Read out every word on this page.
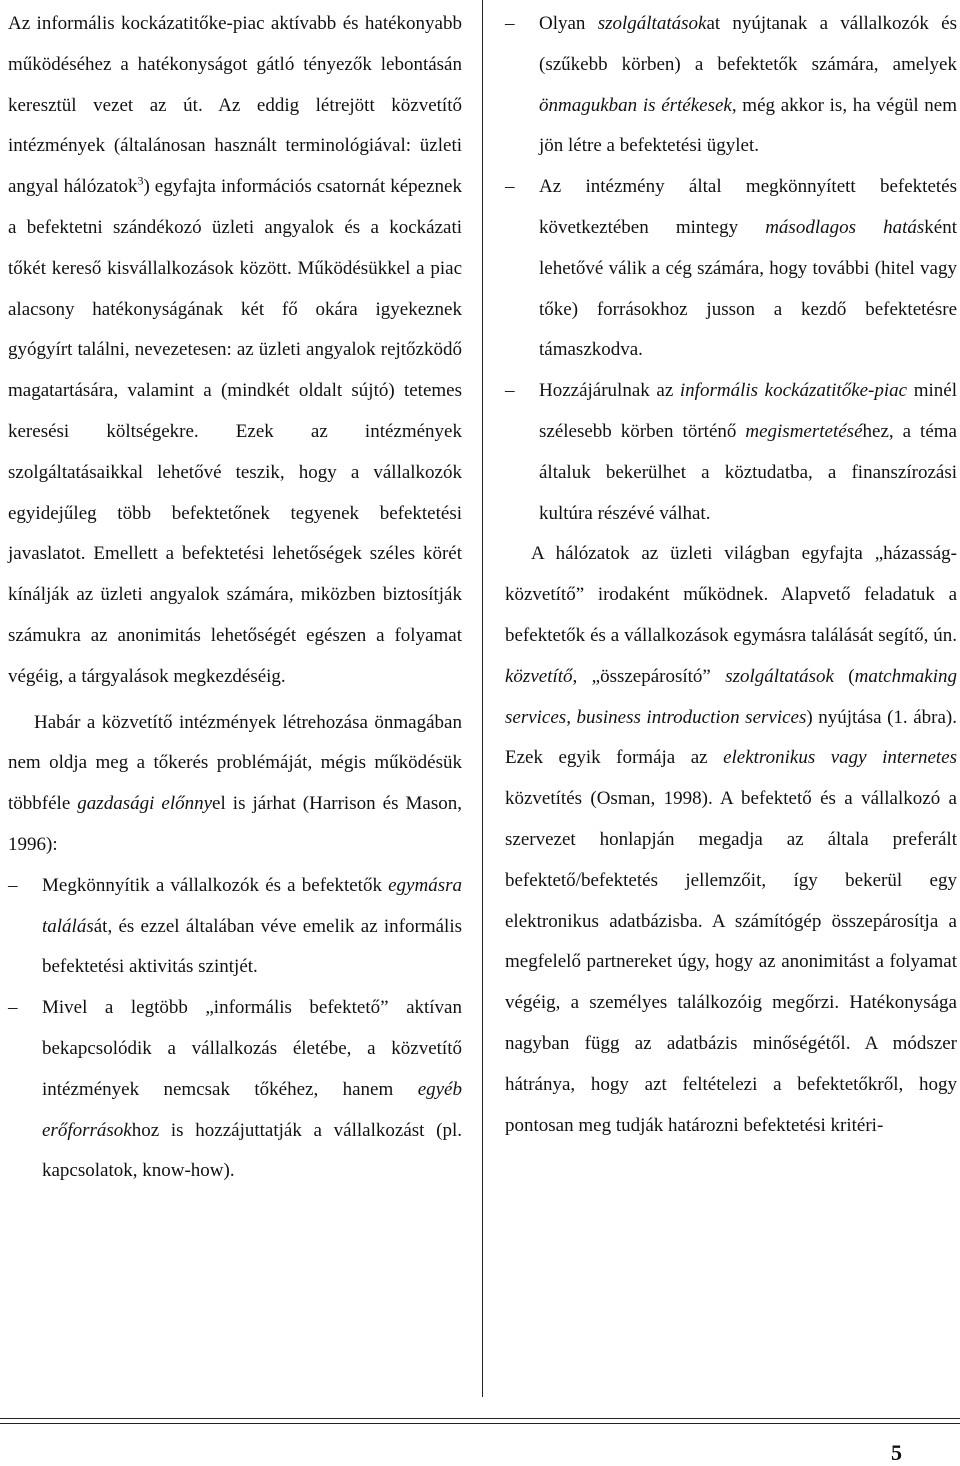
Az informális kockázatitőke-piac aktívabb és hatékonyabb működéséhez a hatékonyságot gátló tényezők lebontásán keresztül vezet az út. Az eddig létrejött közvetítő intézmények (általánosan használt terminológiával: üzleti angyal hálózatok$^3$) egyfajta információs csatornát képeznek a befektetni szándékozó üzleti angyalok és a kockázati tőkét kereső kisvállalkozások között. Működésükkel a piac alacsony hatékonyságának két fő okára igyekeznek gyógyírt találni, nevezetesen: az üzleti angyalok rejtőzködő magatartására, valamint a (mindkét oldalt sújtó) tetemes keresési költségekre. Ezek az intézmények szolgáltatásaikkal lehetővé teszik, hogy a vállalkozók egyidejűleg több befektetőnek tegyenek befektetési javaslatot. Emellett a befektetési lehetőségek széles körét kínálják az üzleti angyalok számára, miközben biztosítják számukra az anonimitás lehetőségét egészen a folyamat végéig, a tárgyalások megkezdéséig.

Habár a közvetítő intézmények létrehozása önmagában nem oldja meg a tőkerés problémáját, mégis működésük többféle gazdasági előnnyel is járhat (Harrison és Mason, 1996):

– Megkönnyítik a vállalkozók és a befektetők egymásra találását, és ezzel általában véve emelik az informális befektetési aktivitás szintjét.

– Mivel a legtöbb „informális befektető” aktívan bekapcsolódik a vállalkozás életébe, a közvetítő intézmények nemcsak tőkéhez, hanem egyéb erőforrásokhoz is hozzájuttatják a vállalkozást (pl. kapcsolatok, know-how).

– Olyan szolgáltatásokat nyújtanak a vállalkozók és (szűkebb körben) a befektetők számára, amelyek önmagukban is értékesek, még akkor is, ha végül nem jön létre a befektetési ügylet.

– Az intézmény által megkönnyített befektetés következtében mintegy másodlagos hatásként lehetővé válik a cég számára, hogy további (hitel vagy tőke) forrásokhoz jusson a kezdő befektetésre támaszkodva.

– Hozzájárulnak az informális kockázatitőke-piac minél szélesebb körben történő megismertetéséhez, a téma általuk bekerülhet a köztudatba, a finanszírozási kultúra részévé válhat.

A hálózatok az üzleti világban egyfajta „házasság-közvetítő” irodaként működnek. Alapvető feladatuk a befektetők és a vállalkozások egymásra találását segítő, ún. közvetítő, „összepárosító” szolgáltatások (matchmaking services, business introduction services) nyújtása (1. ábra). Ezek egyik formája az elektronikus vagy internetes közvetítés (Osman, 1998). A befektető és a vállalkozó a szervezet honlapján megadja az általa preferált befektető/befektetés jellemzőit, így bekerül egy elektronikus adatbázisba. A számítógép összepárosítja a megfelelő partnereket úgy, hogy az anonimitást a folyamat végéig, a személyes találkozóig megőrzi. Hatékonysága nagyban függ az adatbázis minőségétől. A módszer hátránya, hogy azt feltételezi a befektetőkről, hogy pontosan meg tudják határozni befektetési kritéri-

5
